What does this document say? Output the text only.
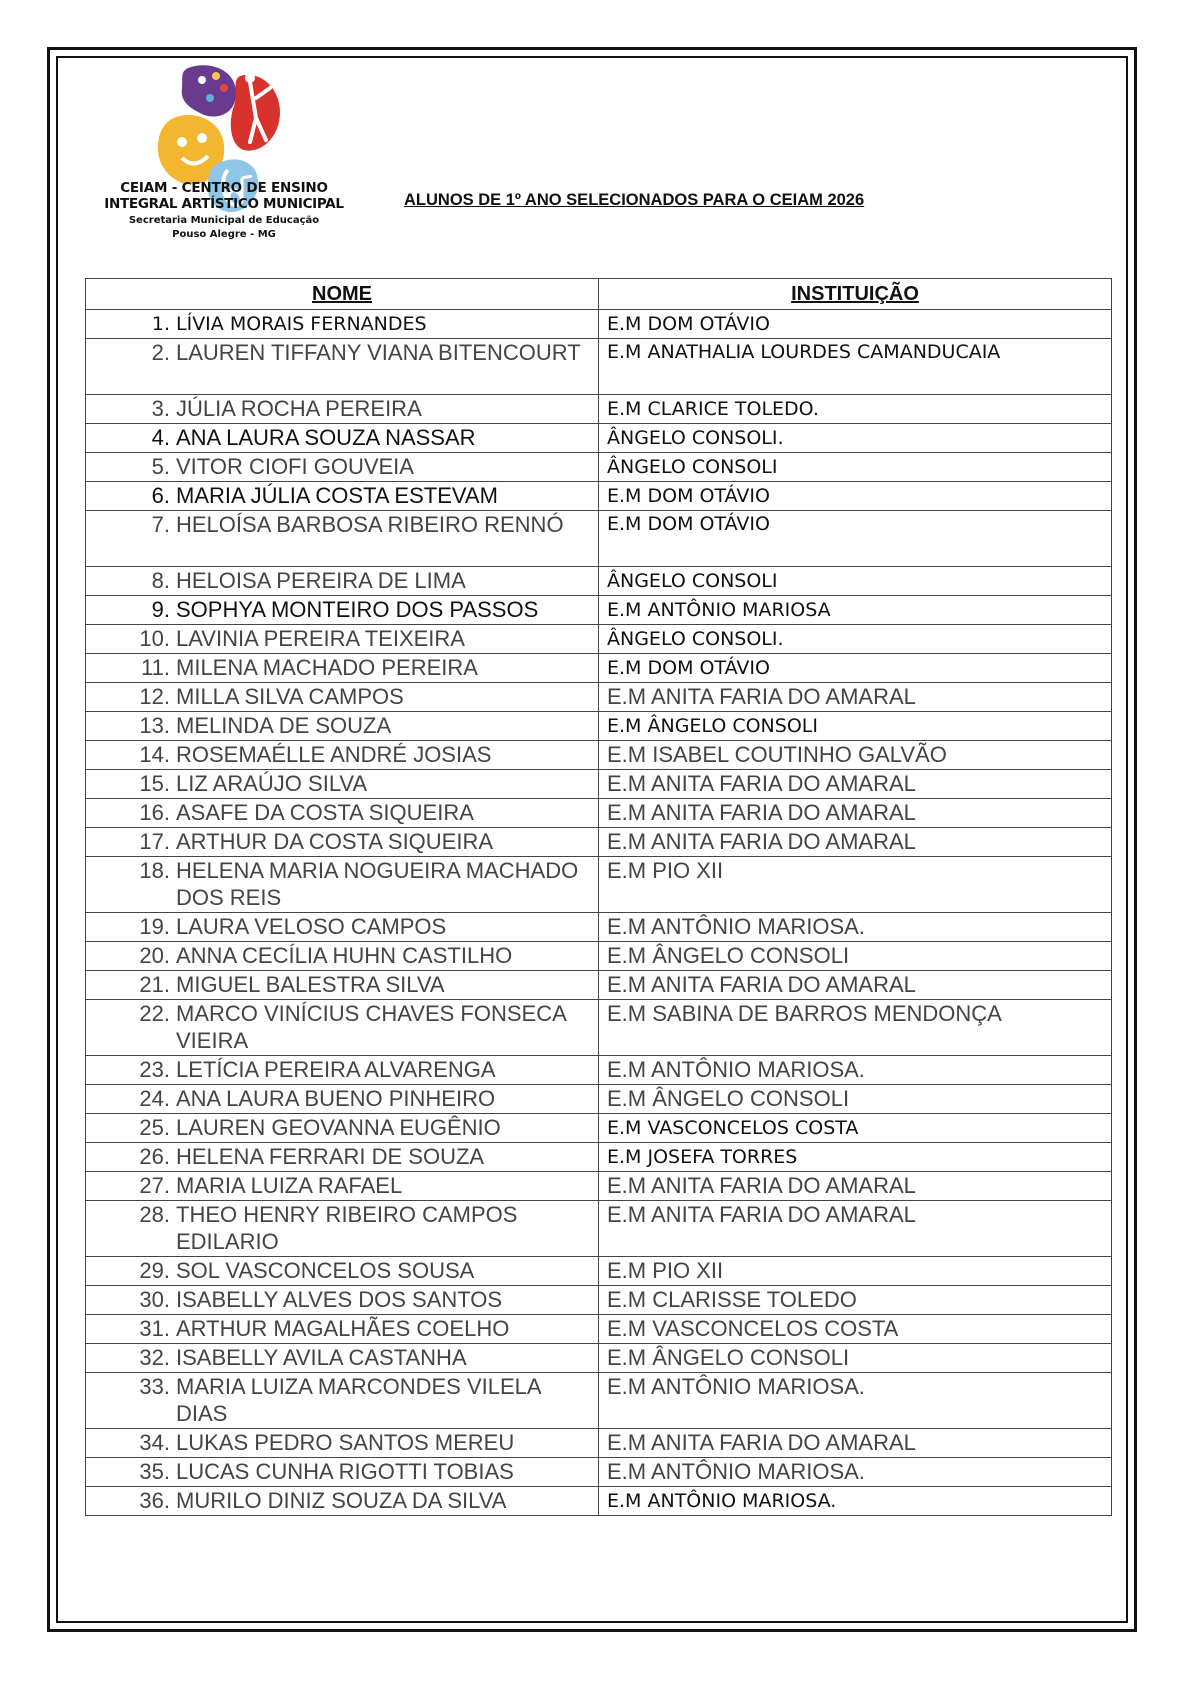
CEIAM - CENTRO DE ENSINO
INTEGRAL ARTÍSTICO MUNICIPAL
Secretaria Municipal de Educação
Pouso Alegre - MG
ALUNOS DE 1º ANO SELECIONADOS PARA O CEIAM 2026
NOME	INSTITUIÇÃO
1. LÍVIA MORAIS FERNANDES	E.M DOM OTÁVIO
2. LAUREN TIFFANY VIANA BITENCOURT	E.M ANATHALIA LOURDES CAMANDUCAIA
3. JÚLIA ROCHA PEREIRA	E.M CLARICE TOLEDO.
4. ANA LAURA SOUZA NASSAR	ÂNGELO CONSOLI.
5. VITOR CIOFI GOUVEIA	ÂNGELO CONSOLI
6. MARIA JÚLIA COSTA ESTEVAM	E.M DOM OTÁVIO
7. HELOÍSA BARBOSA RIBEIRO RENNÓ	E.M DOM OTÁVIO
8. HELOISA PEREIRA DE LIMA	ÂNGELO CONSOLI
9. SOPHYA MONTEIRO DOS PASSOS	E.M ANTÔNIO MARIOSA
10. LAVINIA PEREIRA TEIXEIRA	ÂNGELO CONSOLI.
11. MILENA MACHADO PEREIRA	E.M DOM OTÁVIO
12. MILLA SILVA CAMPOS	E.M ANITA FARIA DO AMARAL
13. MELINDA DE SOUZA	E.M ÂNGELO CONSOLI
14. ROSEMAÉLLE ANDRÉ JOSIAS	E.M ISABEL COUTINHO GALVÃO
15. LIZ ARAÚJO SILVA	E.M ANITA FARIA DO AMARAL
16. ASAFE DA COSTA SIQUEIRA	E.M ANITA FARIA DO AMARAL
17. ARTHUR DA COSTA SIQUEIRA	E.M ANITA FARIA DO AMARAL
18. HELENA MARIA NOGUEIRA MACHADO DOS REIS	E.M PIO XII
19. LAURA VELOSO CAMPOS	E.M ANTÔNIO MARIOSA.
20. ANNA CECÍLIA HUHN CASTILHO	E.M ÂNGELO CONSOLI
21. MIGUEL BALESTRA SILVA	E.M ANITA FARIA DO AMARAL
22. MARCO VINÍCIUS CHAVES FONSECA VIEIRA	E.M SABINA DE BARROS MENDONÇA
23. LETÍCIA PEREIRA ALVARENGA	E.M ANTÔNIO MARIOSA.
24. ANA LAURA BUENO PINHEIRO	E.M ÂNGELO CONSOLI
25. LAUREN GEOVANNA EUGÊNIO	E.M VASCONCELOS COSTA
26. HELENA FERRARI DE SOUZA	E.M JOSEFA TORRES
27. MARIA LUIZA RAFAEL	E.M ANITA FARIA DO AMARAL
28. THEO HENRY RIBEIRO CAMPOS EDILARIO	E.M ANITA FARIA DO AMARAL
29. SOL VASCONCELOS SOUSA	E.M PIO XII
30. ISABELLY ALVES DOS SANTOS	E.M CLARISSE TOLEDO
31. ARTHUR MAGALHÃES COELHO	E.M VASCONCELOS COSTA
32. ISABELLY AVILA CASTANHA	E.M ÂNGELO CONSOLI
33. MARIA LUIZA MARCONDES VILELA DIAS	E.M ANTÔNIO MARIOSA.
34. LUKAS PEDRO SANTOS MEREU	E.M ANITA FARIA DO AMARAL
35. LUCAS CUNHA RIGOTTI TOBIAS	E.M ANTÔNIO MARIOSA.
36. MURILO DINIZ SOUZA DA SILVA	E.M ANTÔNIO MARIOSA.
